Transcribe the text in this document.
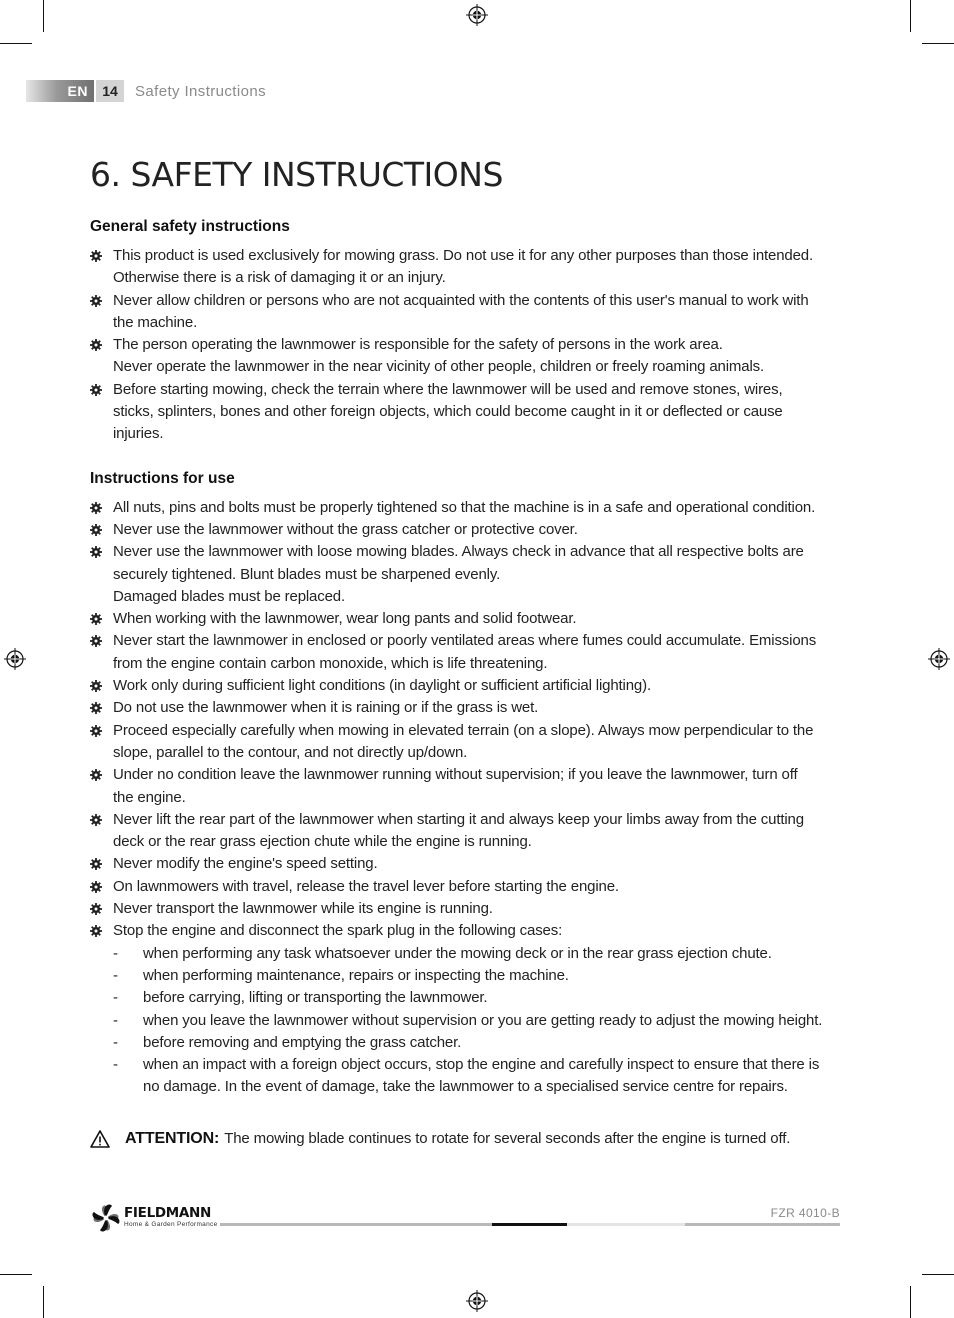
EN	14	Safety Instructions
6. SAFETY INSTRUCTIONS
General safety instructions
This product is used exclusively for mowing grass. Do not use it for any other purposes than those intended.
Otherwise there is a risk of damaging it or an injury.
Never allow children or persons who are not acquainted with the contents of this user's manual to work with
the machine.
The person operating the lawnmower is responsible for the safety of persons in the work area.
Never operate the lawnmower in the near vicinity of other people, children or freely roaming animals.
Before starting mowing, check the terrain where the lawnmower will be used and remove stones, wires,
sticks, splinters, bones and other foreign objects, which could become caught in it or deflected or cause
injuries.
Instructions for use
All nuts, pins and bolts must be properly tightened so that the machine is in a safe and operational condition.
Never use the lawnmower without the grass catcher or protective cover.
Never use the lawnmower with loose mowing blades. Always check in advance that all respective bolts are
securely tightened. Blunt blades must be sharpened evenly.
Damaged blades must be replaced.
When working with the lawnmower, wear long pants and solid footwear.
Never start the lawnmower in enclosed or poorly ventilated areas where fumes could accumulate. Emissions
from the engine contain carbon monoxide, which is life threatening.
Work only during sufficient light conditions (in daylight or sufficient artificial lighting).
Do not use the lawnmower when it is raining or if the grass is wet.
Proceed especially carefully when mowing in elevated terrain (on a slope). Always mow perpendicular to the
slope, parallel to the contour, and not directly up/down.
Under no condition leave the lawnmower running without supervision; if you leave the lawnmower, turn off
the engine.
Never lift the rear part of the lawnmower when starting it and always keep your limbs away from the cutting
deck or the rear grass ejection chute while the engine is running.
Never modify the engine's speed setting.
On lawnmowers with travel, release the travel lever before starting the engine.
Never transport the lawnmower while its engine is running.
Stop the engine and disconnect the spark plug in the following cases:
- when performing any task whatsoever under the mowing deck or in the rear grass ejection chute.
- when performing maintenance, repairs or inspecting the machine.
- before carrying, lifting or transporting the lawnmower.
- when you leave the lawnmower without supervision or you are getting ready to adjust the mowing height.
- before removing and emptying the grass catcher.
- when an impact with a foreign object occurs, stop the engine and carefully inspect to ensure that there is
no damage. In the event of damage, take the lawnmower to a specialised service centre for repairs.
ATTENTION: The mowing blade continues to rotate for several seconds after the engine is turned off.
FIELDMANN
Home & Garden Performance
FZR 4010-B
